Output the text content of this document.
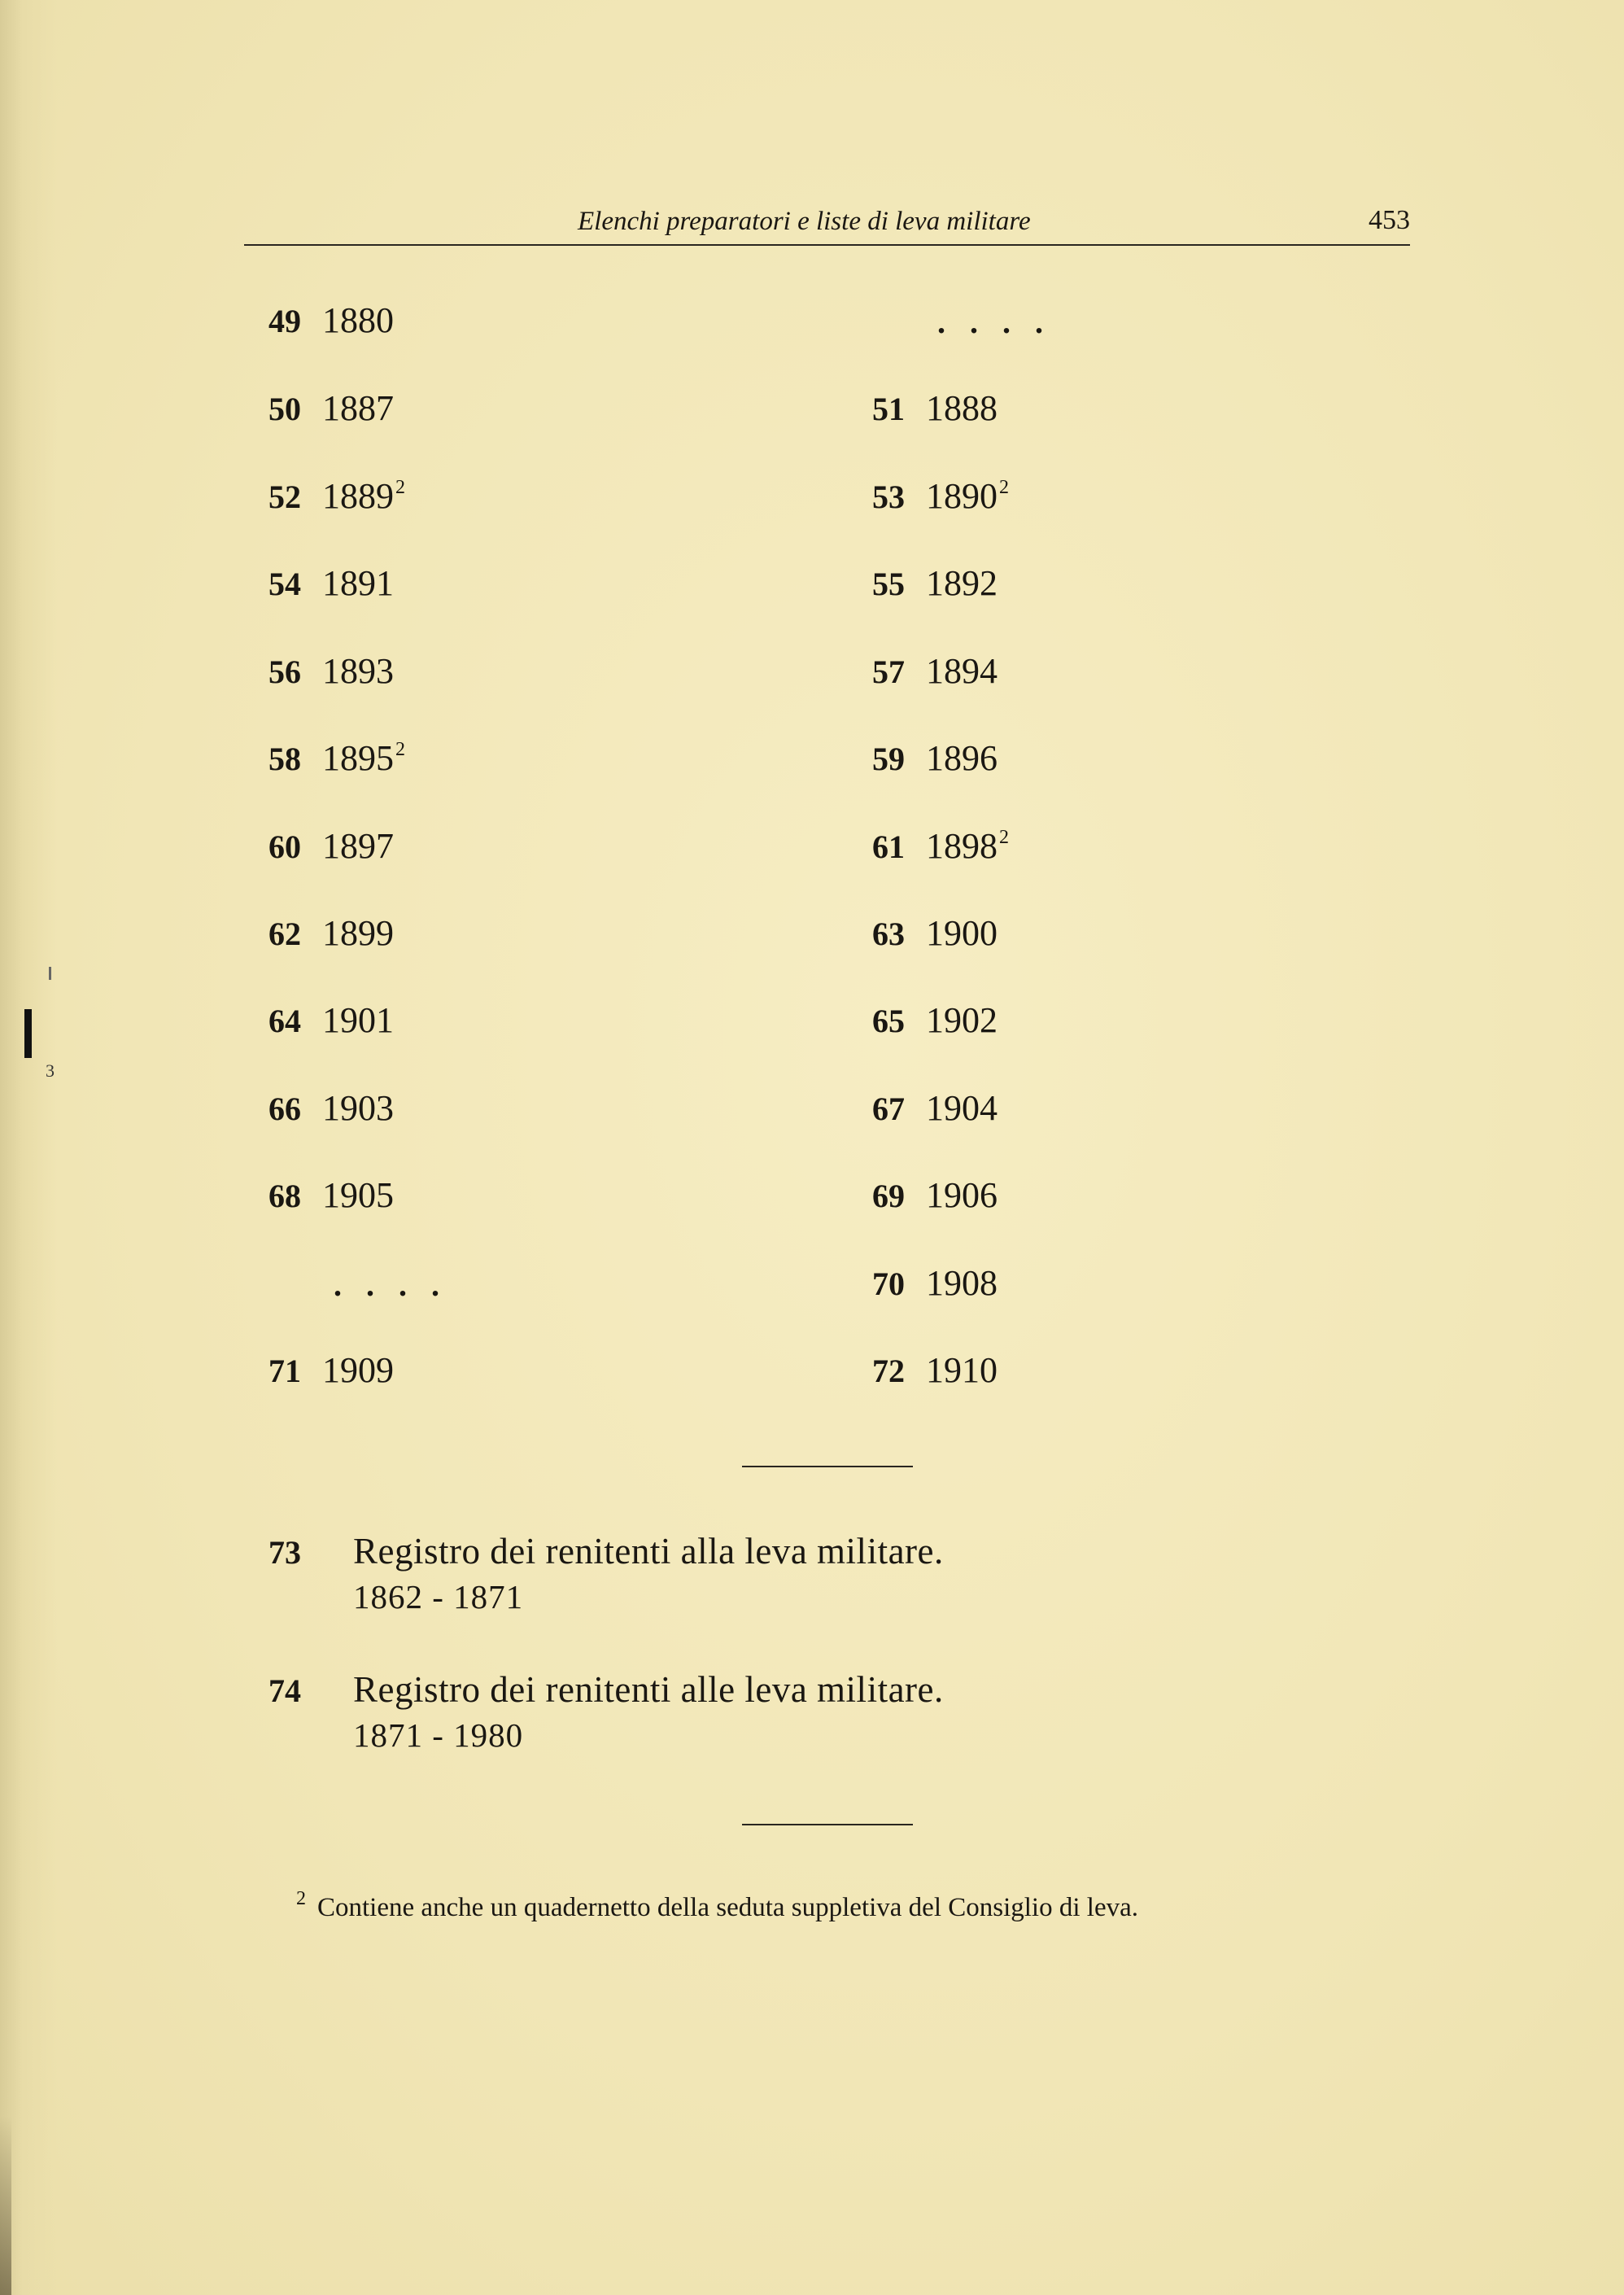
3
Elenchi preparatori e liste di leva militare	453
49 1880	. . . .
50 1887	51 1888
52 1889$^2$	53 1890$^2$
54 1891	55 1892
56 1893	57 1894
58 1895$^2$	59 1896
60 1897	61 1898$^2$
62 1899	63 1900
64 1901	65 1902
66 1903	67 1904
68 1905	69 1906
. . . .	70 1908
71 1909	72 1910
73 Registro dei renitenti alla leva militare.
1862 - 1871
74 Registro dei renitenti alle leva militare.
1871 - 1980
$^2$ Contiene anche un quadernetto della seduta suppletiva del Consiglio di leva.
